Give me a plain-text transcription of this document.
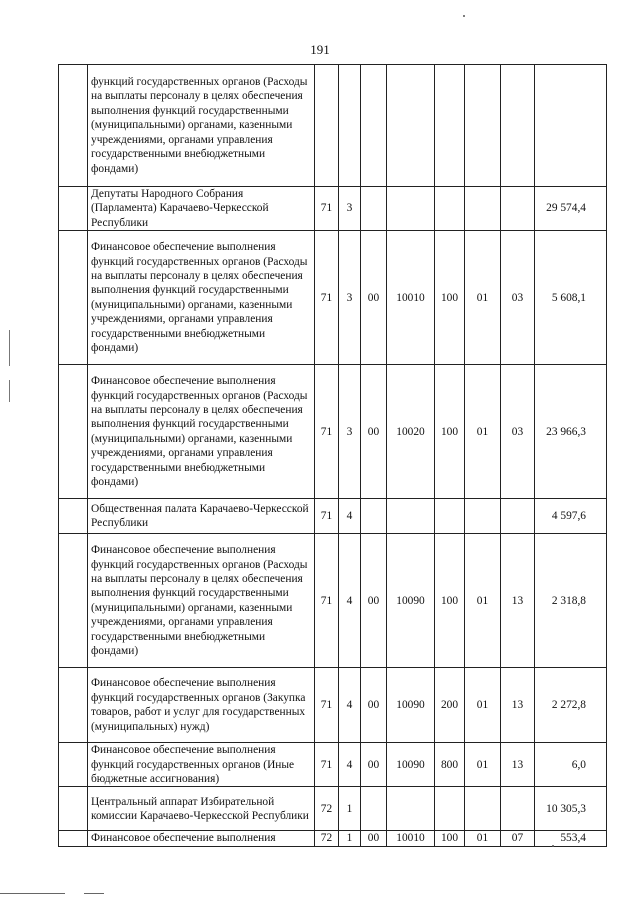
191

	функций государственных органов (Расходы на выплаты персоналу в целях обеспечения выполнения функций государственными (муниципальными) органами, казенными учреждениями, органами управления государственными внебюджетными фондами)								

	Депутаты Народного Собрания (Парламента) Карачаево-Черкесской Республики	71	3						29 574,4

	Финансовое обеспечение выполнения функций государственных органов (Расходы на выплаты персоналу в целях обеспечения выполнения функций государственными (муниципальными) органами, казенными учреждениями, органами управления государственными внебюджетными фондами)	71	3	00	10010	100	01	03	5 608,1

	Финансовое обеспечение выполнения функций государственных органов (Расходы на выплаты персоналу в целях обеспечения выполнения функций государственными (муниципальными) органами, казенными учреждениями, органами управления государственными внебюджетными фондами)	71	3	00	10020	100	01	03	23 966,3

	Общественная палата Карачаево-Черкесской Республики	71	4						4 597,6

	Финансовое обеспечение выполнения функций государственных органов (Расходы на выплаты персоналу в целях обеспечения выполнения функций государственными (муниципальными) органами, казенными учреждениями, органами управления государственными внебюджетными фондами)	71	4	00	10090	100	01	13	2 318,8

	Финансовое обеспечение выполнения функций государственных органов (Закупка товаров, работ и услуг для государственных (муниципальных) нужд)	71	4	00	10090	200	01	13	2 272,8

	Финансовое обеспечение выполнения функций государственных органов (Иные бюджетные ассигнования)	71	4	00	10090	800	01	13	6,0

	Центральный аппарат Избирательной комиссии Карачаево-Черкесской Республики	72	1						10 305,3

	Финансовое обеспечение выполнения	72	1	00	10010	100	01	07	553,4
